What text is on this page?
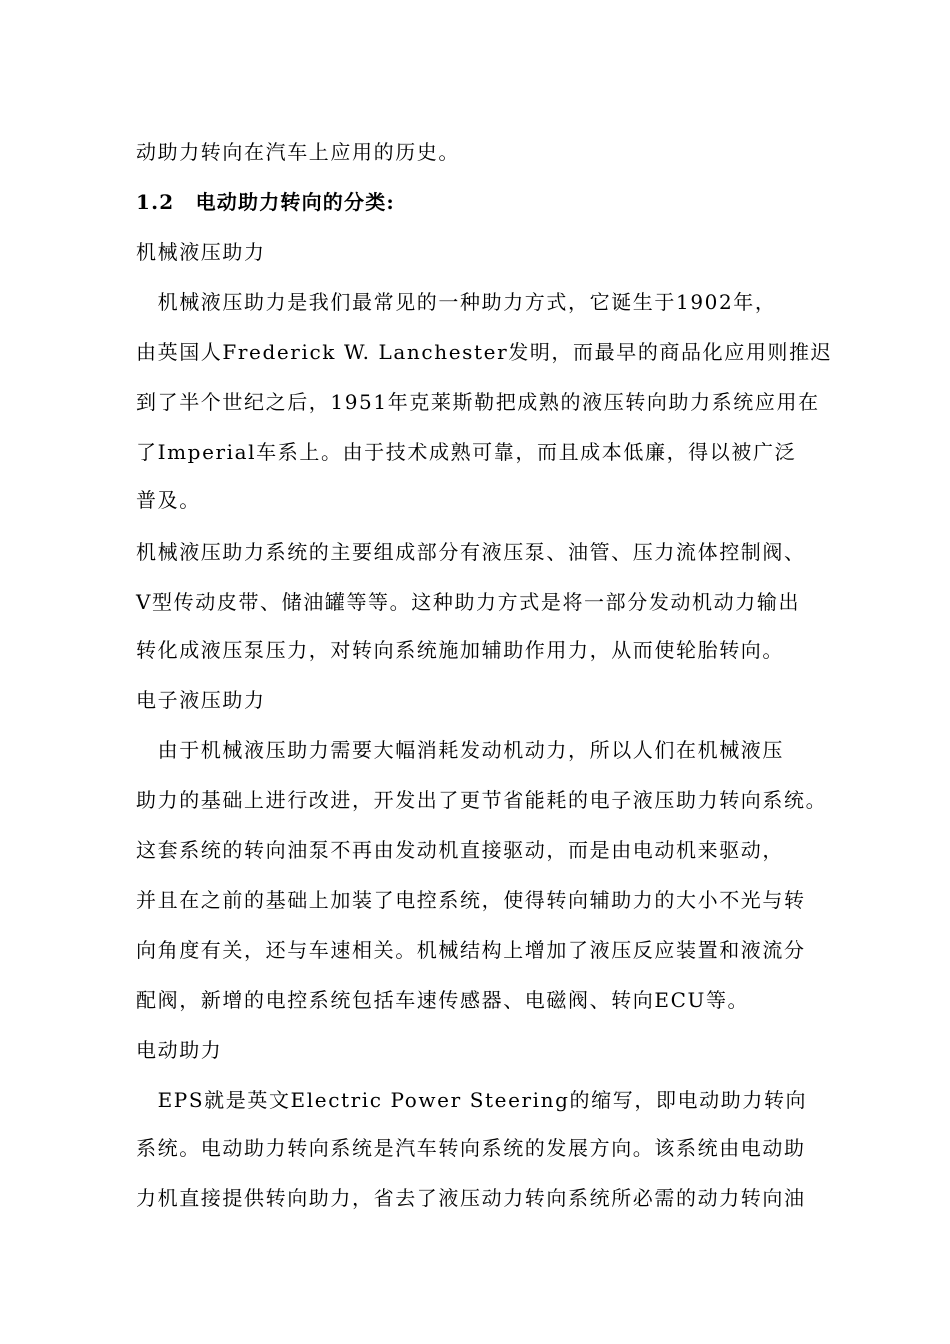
动助力转向在汽车上应用的历史。
1.2　电动助力转向的分类:
机械液压助力
　机械液压助力是我们最常见的一种助力方式，它诞生于1902年，
由英国人Frederick W. Lanchester发明，而最早的商品化应用则推迟
到了半个世纪之后，1951年克莱斯勒把成熟的液压转向助力系统应用在
了Imperial车系上。由于技术成熟可靠，而且成本低廉，得以被广泛
普及。
机械液压助力系统的主要组成部分有液压泵、油管、压力流体控制阀、
V型传动皮带、储油罐等等。这种助力方式是将一部分发动机动力输出
转化成液压泵压力，对转向系统施加辅助作用力，从而使轮胎转向。
电子液压助力
　由于机械液压助力需要大幅消耗发动机动力，所以人们在机械液压
助力的基础上进行改进，开发出了更节省能耗的电子液压助力转向系统。
这套系统的转向油泵不再由发动机直接驱动，而是由电动机来驱动，
并且在之前的基础上加装了电控系统，使得转向辅助力的大小不光与转
向角度有关，还与车速相关。机械结构上增加了液压反应装置和液流分
配阀，新增的电控系统包括车速传感器、电磁阀、转向ECU等。
电动助力
　EPS就是英文Electric Power Steering的缩写，即电动助力转向
系统。电动助力转向系统是汽车转向系统的发展方向。该系统由电动助
力机直接提供转向助力，省去了液压动力转向系统所必需的动力转向油
